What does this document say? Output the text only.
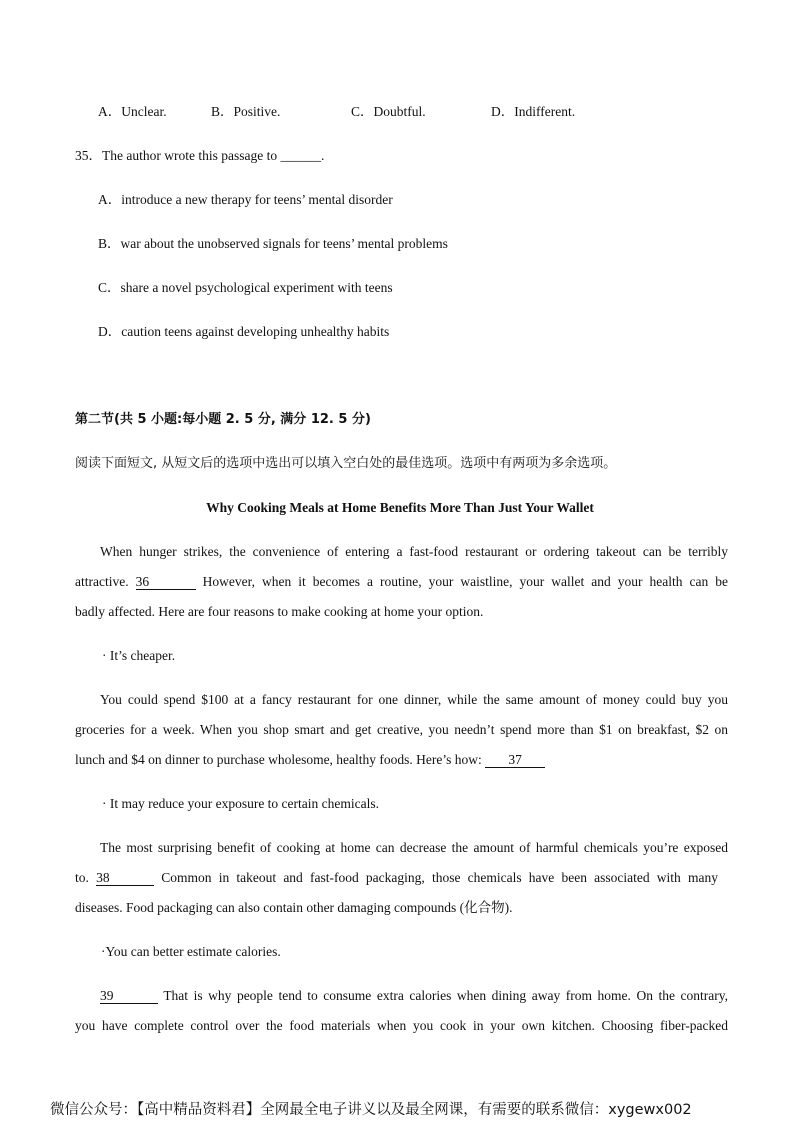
A．Unclear.	B．Positive.	C．Doubtful.	D．Indifferent.
35．The author wrote this passage to ______.
A．introduce a new therapy for teens’ mental disorder
B．war about the unobserved signals for teens’ mental problems
C．share a novel psychological experiment with teens
D．caution teens against developing unhealthy habits
第二节(共 5 小题:每小题 2. 5 分, 满分 12. 5 分)
阅读下面短文, 从短文后的选项中选出可以填入空白处的最佳选项。选项中有两项为多余选项。
Why Cooking Meals at Home Benefits More Than Just Your Wallet
When hunger strikes, the convenience of entering a fast-food restaurant or ordering takeout can be terribly
attractive. 36	However, when it becomes a routine, your waistline, your wallet and your health can be
badly affected. Here are four reasons to make cooking at home your option.
· It’s cheaper.
You could spend $100 at a fancy restaurant for one dinner, while the same amount of money could buy you
groceries for a week. When you shop smart and get creative, you needn’t spend more than $1 on breakfast, $2 on
lunch and $4 on dinner to purchase wholesome, healthy foods. Here’s how: 37
· It may reduce your exposure to certain chemicals.
The most surprising benefit of cooking at home can decrease the amount of harmful chemicals you’re exposed
to. 38	Common in takeout and fast-food packaging, those chemicals have been associated with many
diseases. Food packaging can also contain other damaging compounds (化合物).
·You can better estimate calories.
39	That is why people tend to consume extra calories when dining away from home. On the contrary,
you have complete control over the food materials when you cook in your own kitchen. Choosing fiber-packed
微信公众号：【高中精品资料君】全网最全电子讲义以及最全网课，有需要的联系微信：xygewx002
